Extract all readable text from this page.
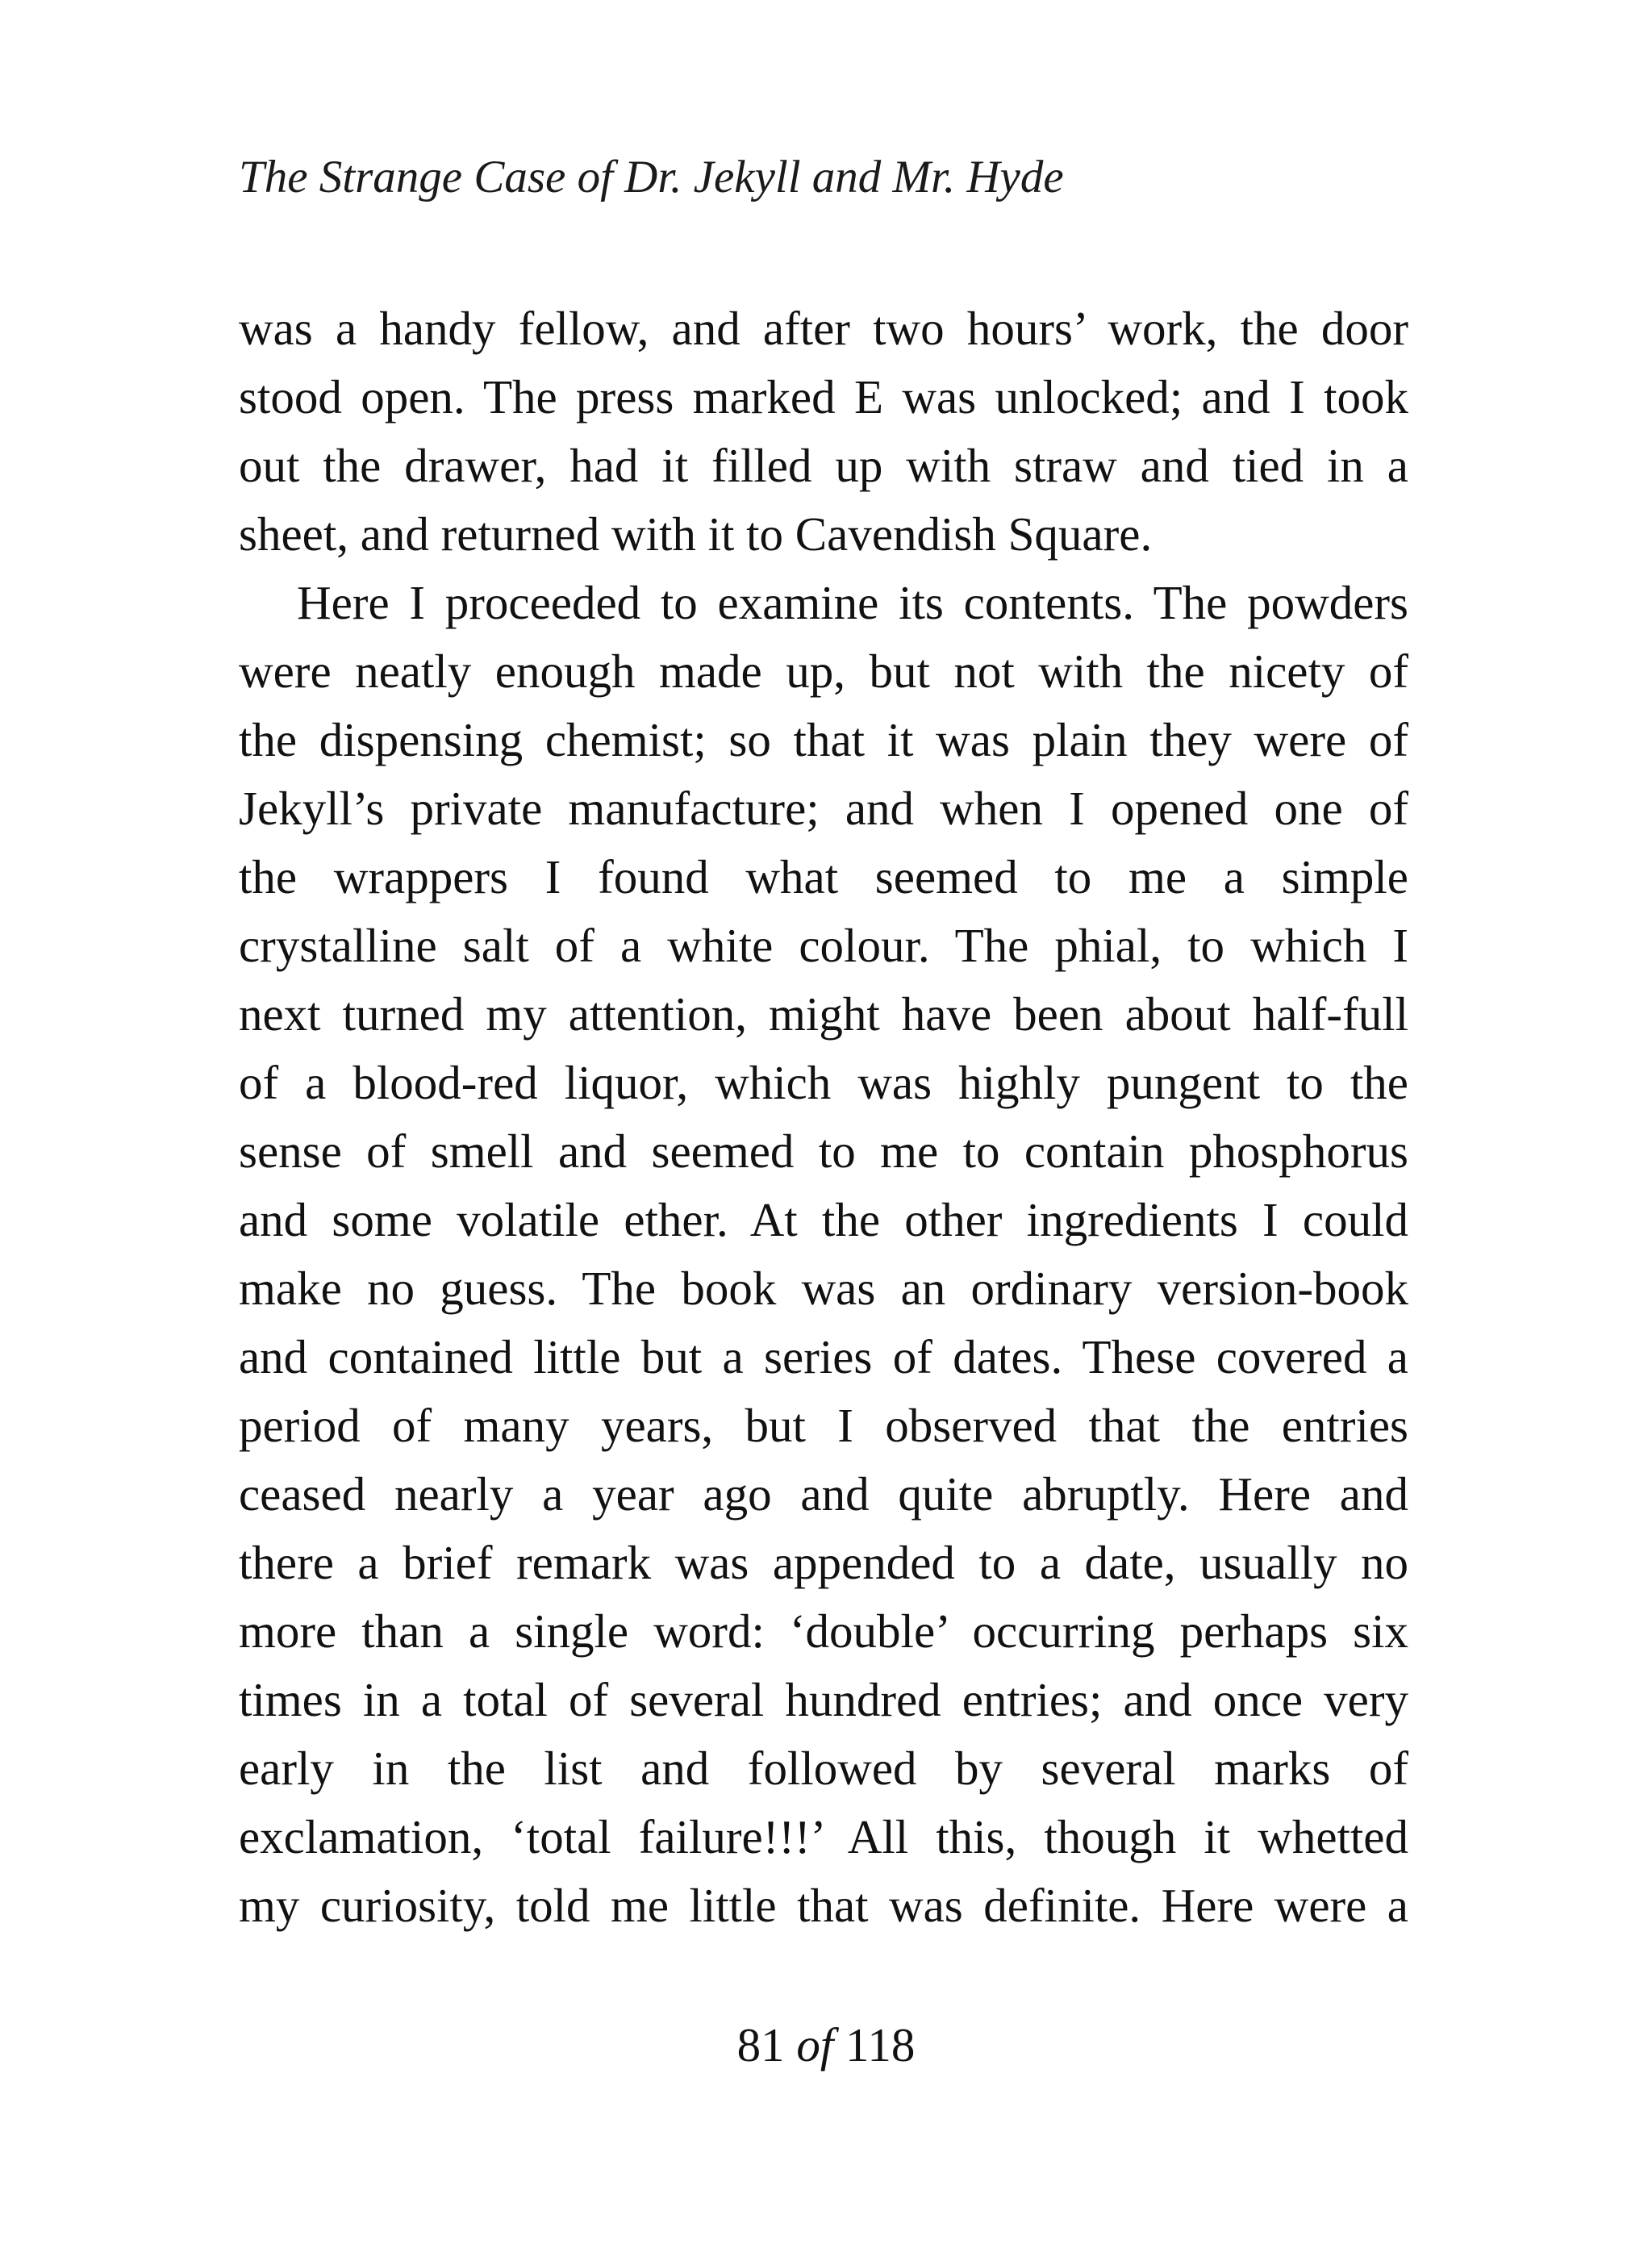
The Strange Case of Dr. Jekyll and Mr. Hyde
was a handy fellow, and after two hours’ work, the door
stood open. The press marked E was unlocked; and I took
out the drawer, had it filled up with straw and tied in a
sheet, and returned with it to Cavendish Square.
Here I proceeded to examine its contents. The powders
were neatly enough made up, but not with the nicety of
the dispensing chemist; so that it was plain they were of
Jekyll’s private manufacture; and when I opened one of
the wrappers I found what seemed to me a simple
crystalline salt of a white colour. The phial, to which I
next turned my attention, might have been about half-full
of a blood-red liquor, which was highly pungent to the
sense of smell and seemed to me to contain phosphorus
and some volatile ether. At the other ingredients I could
make no guess. The book was an ordinary version-book
and contained little but a series of dates. These covered a
period of many years, but I observed that the entries
ceased nearly a year ago and quite abruptly. Here and
there a brief remark was appended to a date, usually no
more than a single word: ‘double’ occurring perhaps six
times in a total of several hundred entries; and once very
early in the list and followed by several marks of
exclamation, ‘total failure!!!’ All this, though it whetted
my curiosity, told me little that was definite. Here were a
81 of 118
